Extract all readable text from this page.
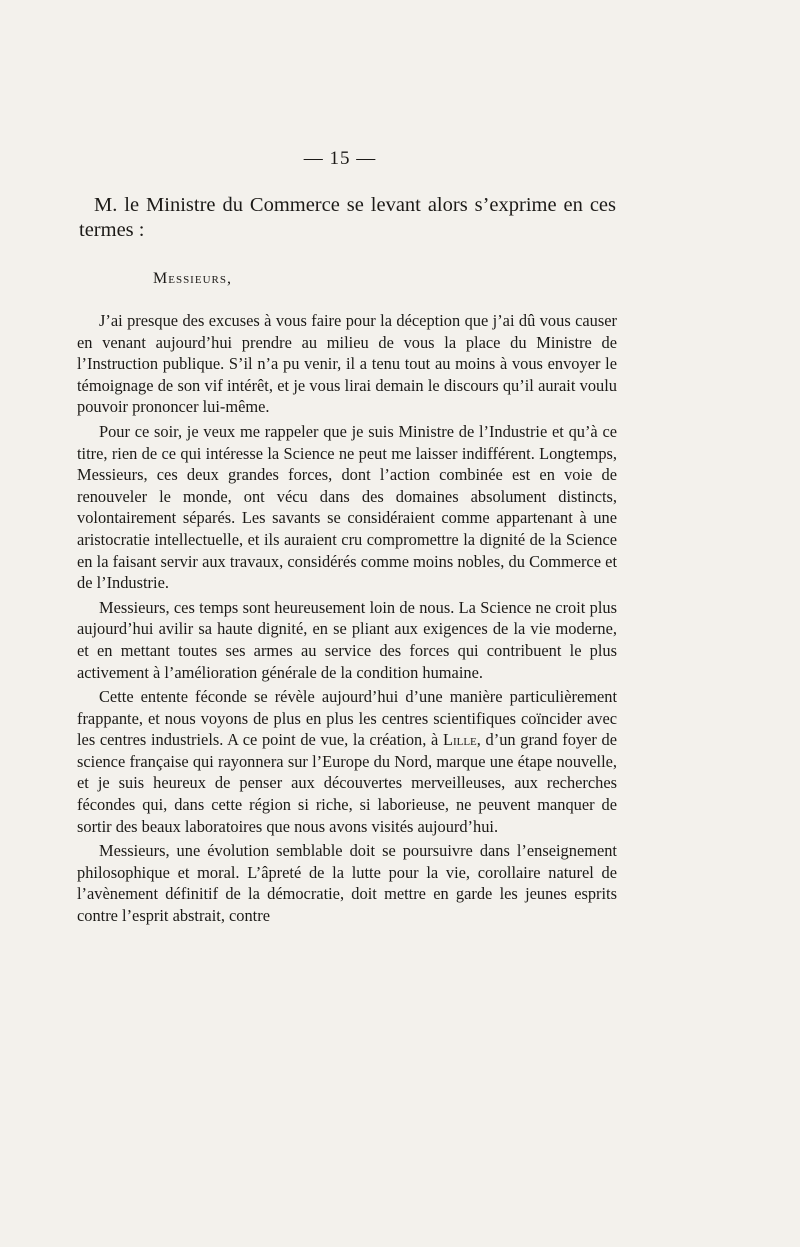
— 15 —
M. le Ministre du Commerce se levant alors s’exprime en ces termes :
Messieurs,

J’ai presque des excuses à vous faire pour la déception que j’ai dû vous causer en venant aujourd’hui prendre au milieu de vous la place du Ministre de l’Instruction publique. S’il n’a pu venir, il a tenu tout au moins à vous envoyer le témoignage de son vif intérêt, et je vous lirai demain le discours qu’il aurait voulu pouvoir prononcer lui-même.

Pour ce soir, je veux me rappeler que je suis Ministre de l’Industrie et qu’à ce titre, rien de ce qui intéresse la Science ne peut me laisser indifférent. Longtemps, Messieurs, ces deux grandes forces, dont l’action combinée est en voie de renouveler le monde, ont vécu dans des domaines absolument distincts, volontairement séparés. Les savants se considéraient comme appartenant à une aristocratie intellectuelle, et ils auraient cru compromettre la dignité de la Science en la faisant servir aux travaux, considérés comme moins nobles, du Commerce et de l’Industrie.

Messieurs, ces temps sont heureusement loin de nous. La Science ne croit plus aujourd’hui avilir sa haute dignité, en se pliant aux exigences de la vie moderne, et en mettant toutes ses armes au service des forces qui contribuent le plus activement à l’amélioration générale de la condition humaine.

Cette entente féconde se révèle aujourd’hui d’une manière particulièrement frappante, et nous voyons de plus en plus les centres scientifiques coïncider avec les centres industriels. A ce point de vue, la création, à Lille, d’un grand foyer de science française qui rayonnera sur l’Europe du Nord, marque une étape nouvelle, et je suis heureux de penser aux découvertes merveilleuses, aux recherches fécondes qui, dans cette région si riche, si laborieuse, ne peuvent manquer de sortir des beaux laboratoires que nous avons visités aujourd’hui.

Messieurs, une évolution semblable doit se poursuivre dans l’enseignement philosophique et moral. L’âpreté de la lutte pour la vie, corollaire naturel de l’avènement définitif de la démocratie, doit mettre en garde les jeunes esprits contre l’esprit abstrait, contre
